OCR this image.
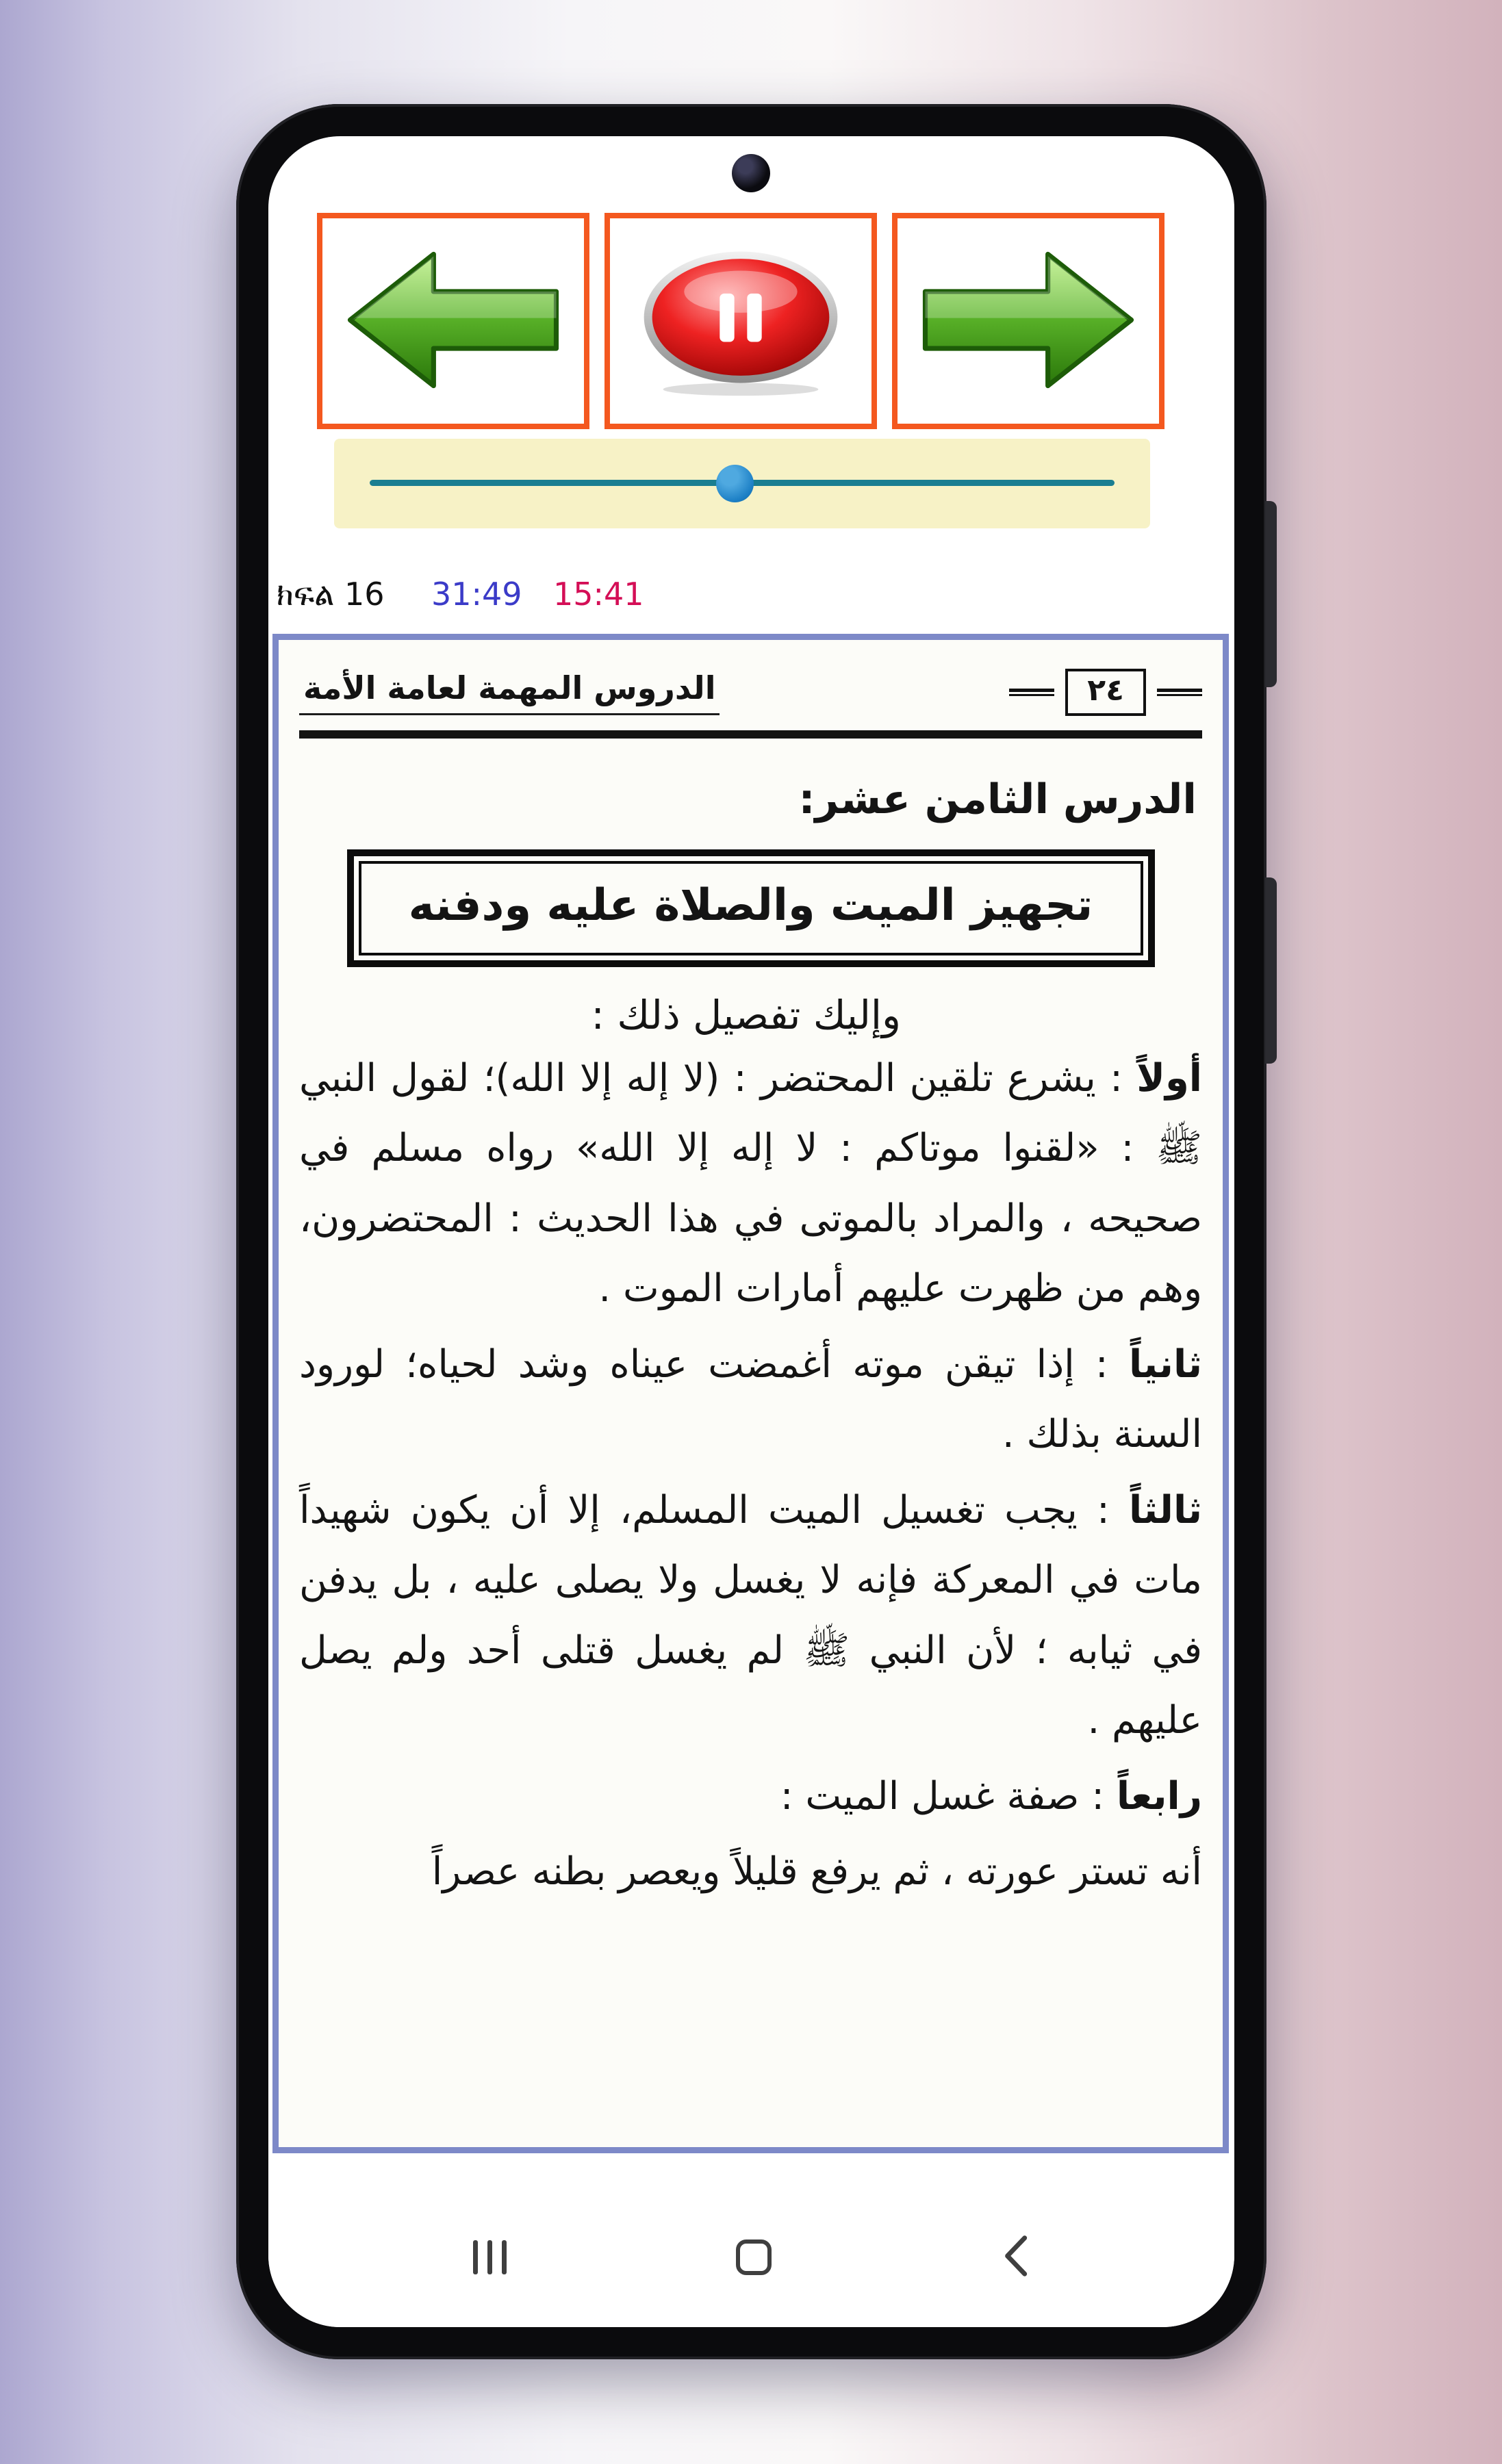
ክፍል 16 31:49 15:41
الدروس المهمة لعامة الأمة	٢٤
الدرس الثامن عشر:
تجهيز الميت والصلاة عليه ودفنه
وإليك تفصيل ذلك :

أولاً : يشرع تلقين المحتضر : (لا إله إلا الله)؛ لقول النبي ﷺ : «لقنوا موتاكم : لا إله إلا الله» رواه مسلم في صحيحه ، والمراد بالموتى في هذا الحديث : المحتضرون، وهم من ظهرت عليهم أمارات الموت .

ثانياً : إذا تيقن موته أغمضت عيناه وشد لحياه؛ لورود السنة بذلك .

ثالثاً : يجب تغسيل الميت المسلم، إلا أن يكون شهيداً مات في المعركة فإنه لا يغسل ولا يصلى عليه ، بل يدفن في ثيابه ؛ لأن النبي ﷺ لم يغسل قتلى أحد ولم يصل عليهم .

رابعاً : صفة غسل الميت :

أنه تستر عورته ، ثم يرفع قليلاً ويعصر بطنه عصراً
